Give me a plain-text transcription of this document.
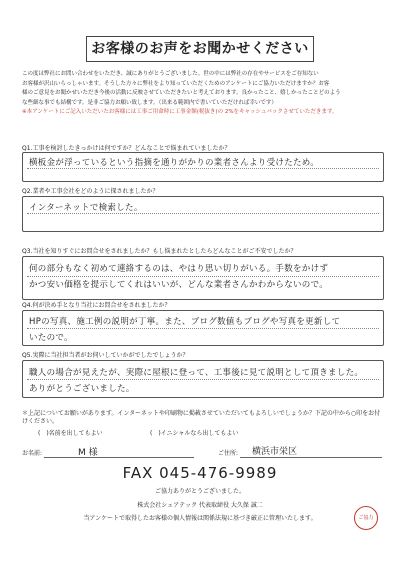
お客様のお声をお聞かせください

この度は弊社にお問い合わせをいただき、誠にありがとうございました。世の中には弊社の存在やサービスをご存知ない

お客様が沢山いらっしゃいます。そうした方々に弊社をより知っていただくためのアンケートにご協力いただけますか？お客

様のご意見をお聞かせいただき今後の活動に反映させていただきたいと考えております。良かったこと、嬉しかったことどのよう

な些細な事でも結構です。是非ご協力お願い致します。（出来る範囲内で書いていただければ幸いです）

※本アンケートにご記入いただいたお客様には工事ご用命時に工事金額(税抜き)の 2%をキャッシュバックさせていただきます。

Q1.工事を検討したきっかけは何ですか？どんなことで悩まれていましたか？
横板金が浮っているという指摘を通りがかりの業者さんより受けたため。
Q2.業者や工事会社をどのように探されましたか？
インターネットで検索した。
Q3.当社を知りすぐにお問合せをされましたか？もし悩まれたとしたらどんなことがご不安でしたか？
何の部分もなく初めて連絡するのは、やはり思い切りがいる。手数をかけず
かつ安い価格を提示してくれはいいが、どんな業者さんかわからないので。
Q4.何が決め手となり当社にお問合せをされましたか？
HPの写真、施工例の説明が丁寧。また、ブログ数値もブログや写真を更新して
いたので。
Q5.実際に当社担当者がお伺いしていかがでしたでしょうか？
職人の場合が見えたが、実際に屋根に登って、工事後に見て説明として頂きました。
ありがとうございました。
＊上記についてお願いがあります。インターネットや印刷物に掲載させていただいてもよろしいでしょうか？下記の中から○印をお付けください。
(　)名前を出してもよい	(　)イニシャルなら出してもよい
お名前:	M 様	ご住所: 横浜市栄区
FAX 045-476-9989
ご協力ありがとうございました。
株式会社シェアテック 代表取締役 大久保 誠二
当アンケートで取得したお客様の個人情報は関係法規に基づき厳正に管理いたします。	ご協力
